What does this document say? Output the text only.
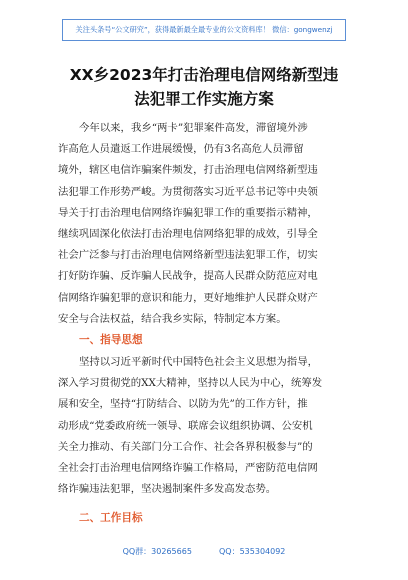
关注头条号“公文研究”，获得最新最全最专业的公文资料库！ 微信：gongwenzj
XX乡2023年打击治理电信网络新型违
法犯罪工作实施方案
今年以来，我乡“两卡”犯罪案件高发，滞留境外涉
诈高危人员遣返工作进展缓慢，仍有3名高危人员滞留
境外，辖区电信诈骗案件频发，打击治理电信网络新型违
法犯罪工作形势严峻。为贯彻落实习近平总书记等中央领
导关于打击治理电信网络诈骗犯罪工作的重要指示精神，
继续巩固深化依法打击治理电信网络犯罪的成效，引导全
社会广泛参与打击治理电信网络新型违法犯罪工作，切实
打好防诈骗、反诈骗人民战争，提高人民群众防范应对电
信网络诈骗犯罪的意识和能力，更好地维护人民群众财产
安全与合法权益，结合我乡实际，特制定本方案。
一、指导思想
坚持以习近平新时代中国特色社会主义思想为指导，
深入学习贯彻党的XX大精神，坚持以人民为中心，统筹发
展和安全，坚持“打防结合、以防为先”的工作方针，推
动形成“党委政府统一领导、联席会议组织协调、公安机
关全力推动、有关部门分工合作、社会各界积极参与”的
全社会打击治理电信网络诈骗工作格局，严密防范电信网
络诈骗违法犯罪，坚决遏制案件多发高发态势。
二、工作目标
QQ群：30265665	QQ：535304092
